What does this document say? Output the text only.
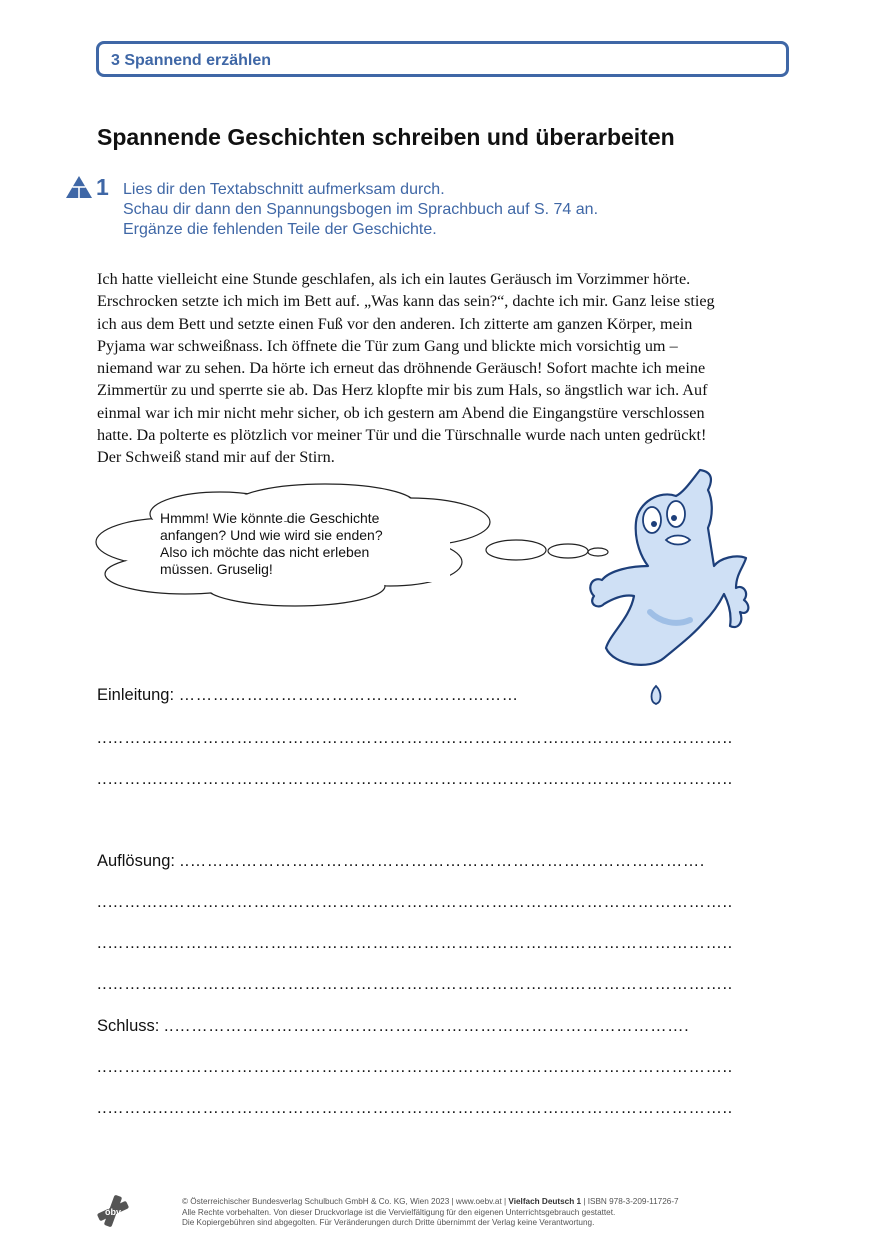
3 Spannend erzählen
Spannende Geschichten schreiben und überarbeiten
1 Lies dir den Textabschnitt aufmerksam durch.
Schau dir dann den Spannungsbogen im Sprachbuch auf S. 74 an.
Ergänze die fehlenden Teile der Geschichte.
Ich hatte vielleicht eine Stunde geschlafen, als ich ein lautes Geräusch im Vorzimmer hörte.
Erschrocken setzte ich mich im Bett auf. „Was kann das sein?“, dachte ich mir. Ganz leise stieg
ich aus dem Bett und setzte einen Fuß vor den anderen. Ich zitterte am ganzen Körper, mein
Pyjama war schweißnass. Ich öffnete die Tür zum Gang und blickte mich vorsichtig um –
niemand war zu sehen. Da hörte ich erneut das dröhnende Geräusch! Sofort machte ich meine
Zimmertür zu und sperrte sie ab. Das Herz klopfte mir bis zum Hals, so ängstlich war ich. Auf
einmal war ich mir nicht mehr sicher, ob ich gestern am Abend die Eingangstüre verschlossen
hatte. Da polterte es plötzlich vor meiner Tür und die Türschnalle wurde nach unten gedrückt!
Der Schweiß stand mir auf der Stirn.
Hmmm! Wie könnte die Geschichte
anfangen? Und wie wird sie enden?
Also ich möchte das nicht erleben
müssen. Gruselig!
Einleitung: ……………………………………………………
..………..……………………………………………………………..………………………..
..………..……………………………………………………………..………………………..
Auflösung: ..……………………………………………………………………………….
..………..……………………………………………………………..………………………..
..………..……………………………………………………………..………………………..
..………..……………………………………………………………..………………………..
Schluss: ..……………………………………………………………………………….
..………..……………………………………………………………..………………………..
..………..……………………………………………………………..………………………..
öbv
© Österreichischer Bundesverlag Schulbuch GmbH & Co. KG, Wien 2023 | www.oebv.at | Vielfach Deutsch 1 | ISBN 978-3-209-11726-7
Alle Rechte vorbehalten. Von dieser Druckvorlage ist die Vervielfältigung für den eigenen Unterrichtsgebrauch gestattet.
Die Kopiergebühren sind abgegolten. Für Veränderungen durch Dritte übernimmt der Verlag keine Verantwortung.
